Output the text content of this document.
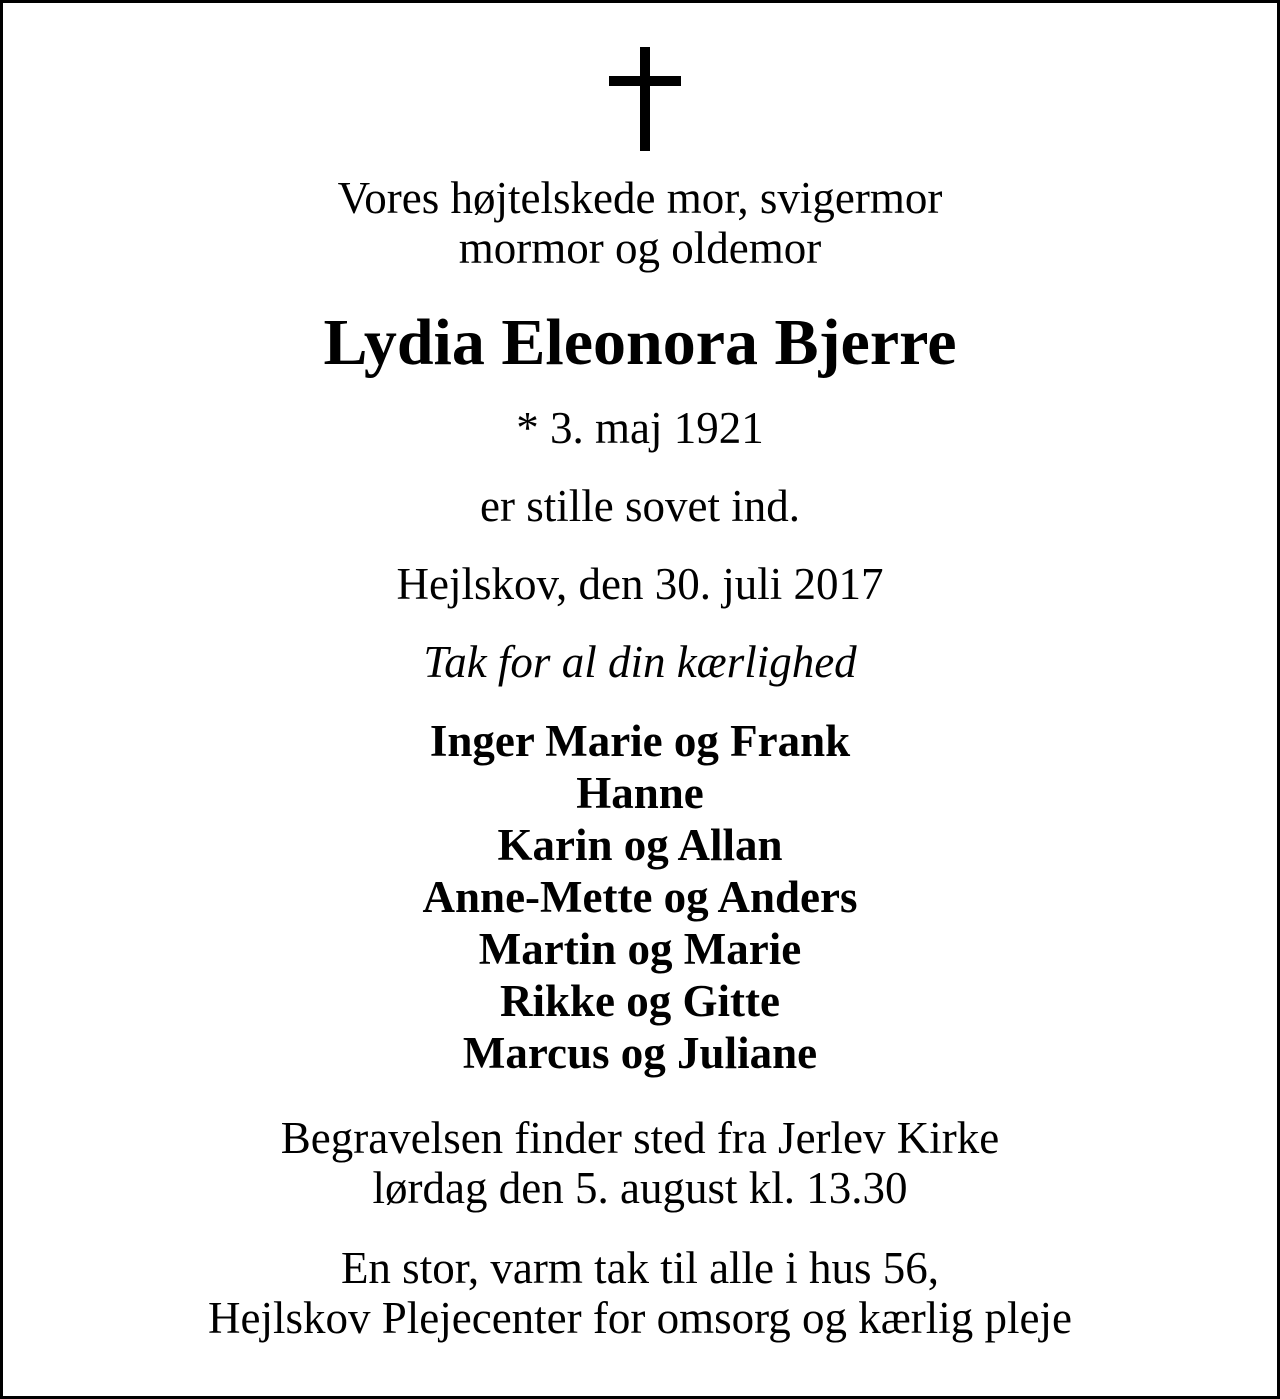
Vores højtelskede mor, svigermor
mormor og oldemor
Lydia Eleonora Bjerre
* 3. maj 1921
er stille sovet ind.
Hejlskov, den 30. juli 2017
Tak for al din kærlighed
Inger Marie og Frank
Hanne
Karin og Allan
Anne-Mette og Anders
Martin og Marie
Rikke og Gitte
Marcus og Juliane
Begravelsen finder sted fra Jerlev Kirke
lørdag den 5. august kl. 13.30
En stor, varm tak til alle i hus 56,
Hejlskov Plejecenter for omsorg og kærlig pleje
